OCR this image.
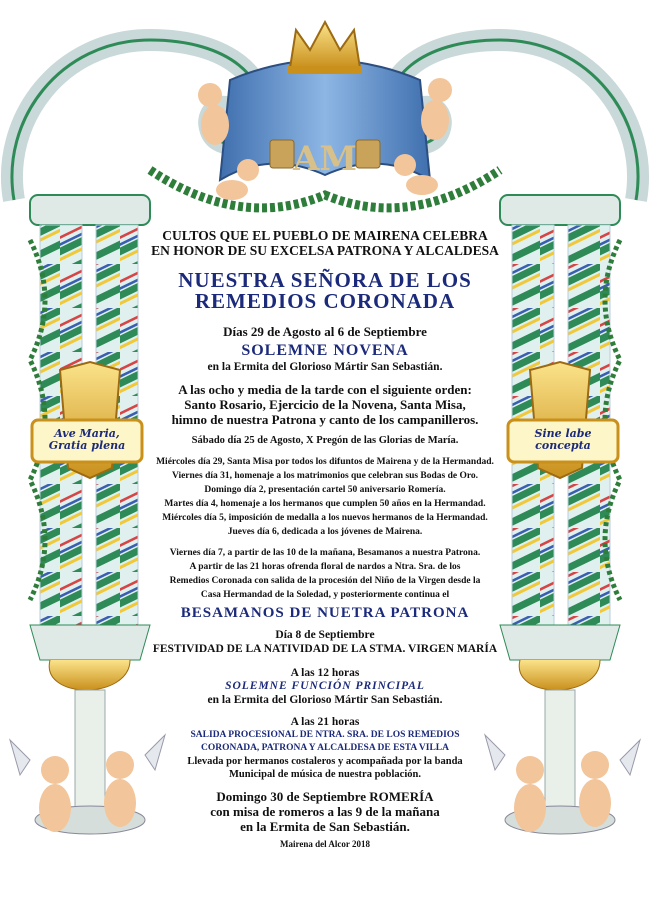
AM
Ave Maria,
Gratia plena
Sine labe
concepta
CULTOS QUE EL PUEBLO DE MAIRENA CELEBRA
EN HONOR DE SU EXCELSA PATRONA Y ALCALDESA
NUESTRA SEÑORA DE LOS
REMEDIOS CORONADA
Días 29 de Agosto al 6 de Septiembre
SOLEMNE NOVENA
en la Ermita del Glorioso Mártir San Sebastián.
A las ocho y media de la tarde con el siguiente orden:
Santo Rosario, Ejercicio de la Novena, Santa Misa,
himno de nuestra Patrona y canto de los campanilleros.
Sábado día 25 de Agosto, X Pregón de las Glorias de María.
Miércoles día 29, Santa Misa por todos los difuntos de Mairena y de la Hermandad.
Viernes día 31, homenaje a los matrimonios que celebran sus Bodas de Oro.
Domingo día 2, presentación cartel 50 aniversario Romería.
Martes día 4, homenaje a los hermanos que cumplen 50 años en la Hermandad.
Miércoles día 5, imposición de medalla a los nuevos hermanos de la Hermandad.
Jueves día 6, dedicada a los jóvenes de Mairena.
Viernes día 7, a partir de las 10 de la mañana, Besamanos a nuestra Patrona.
A partir de las 21 horas ofrenda floral de nardos a Ntra. Sra. de los
Remedios Coronada con salida de la procesión del Niño de la Virgen desde la
Casa Hermandad de la Soledad, y posteriormente continua el
BESAMANOS DE NUETRA PATRONA
Día 8 de Septiembre
FESTIVIDAD DE LA NATIVIDAD DE LA STMA. VIRGEN MARÍA
A las 12 horas
SOLEMNE FUNCIÓN PRINCIPAL
en la Ermita del Glorioso Mártir San Sebastián.
A las 21 horas
SALIDA PROCESIONAL DE NTRA. SRA. DE LOS REMEDIOS
CORONADA, PATRONA Y ALCALDESA DE ESTA VILLA
Llevada por hermanos costaleros y acompañada por la banda
Municipal de música de nuestra población.
Domingo 30 de Septiembre ROMERÍA
con misa de romeros a las 9 de la mañana
en la Ermita de San Sebastián.
Mairena del Alcor 2018
